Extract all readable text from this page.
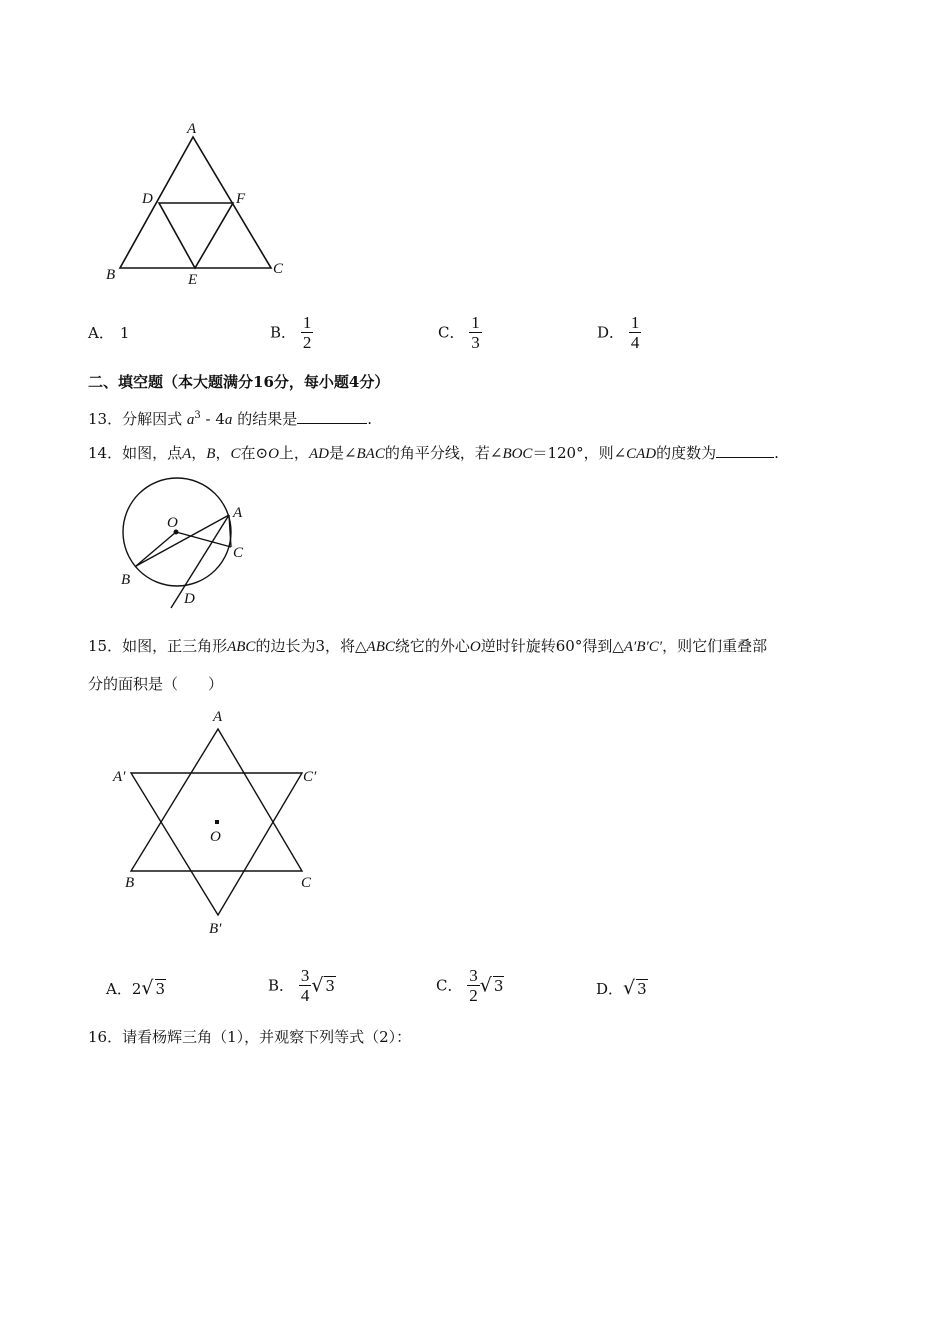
A
B	C
D
E
F
A． 1	B． $\frac{1}{2}$	C． $\frac{1}{3}$	D． $\frac{1}{4}$
二、填空题（本大题满分16分，每小题4分）
13．分解因式 $a^3 - 4a$ 的结果是	.
14．如图，点A，B，C在⊙O上，AD是∠BAC的角平分线，若∠BOC＝120°，则∠CAD的度数为	.
O
A
C
B
D
15．如图，正三角形ABC的边长为3，将△ABC绕它的外心O逆时针旋转60°得到△A′B′C′，则它们重叠部
分的面积是（　　）
A
A′	C′
O
B	C
B′
A．2√ 3	B． $\frac{3}{4}$ √ 3	C． $\frac{3}{2}$ √ 3	D．√ 3
16．请看杨辉三角（1），并观察下列等式（2）：
